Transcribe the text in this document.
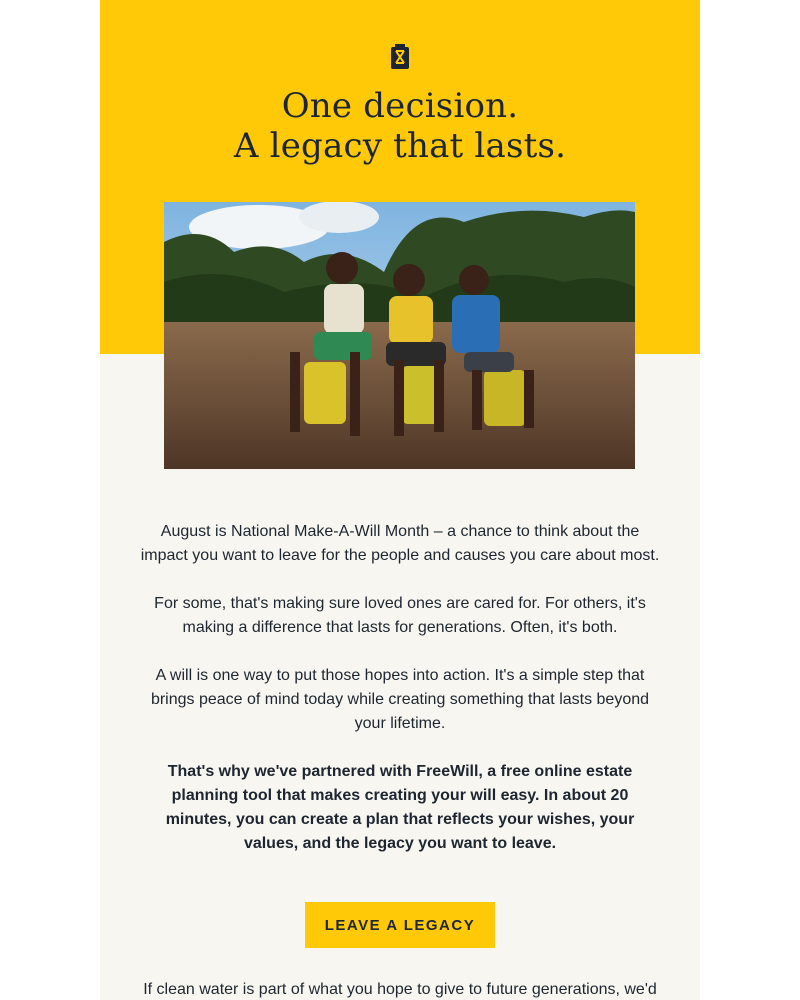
One decision.
A legacy that lasts.

August is National Make-A-Will Month – a chance to think about the impact you want to leave for the people and causes you care about most.

For some, that's making sure loved ones are cared for. For others, it's making a difference that lasts for generations. Often, it's both.

A will is one way to put those hopes into action. It's a simple step that brings peace of mind today while creating something that lasts beyond your lifetime.

That's why we've partnered with FreeWill, a free online estate planning tool that makes creating your will easy. In about 20 minutes, you can create a plan that reflects your wishes, your values, and the legacy you want to leave.

LEAVE A LEGACY

If clean water is part of what you hope to give to future generations, we'd
